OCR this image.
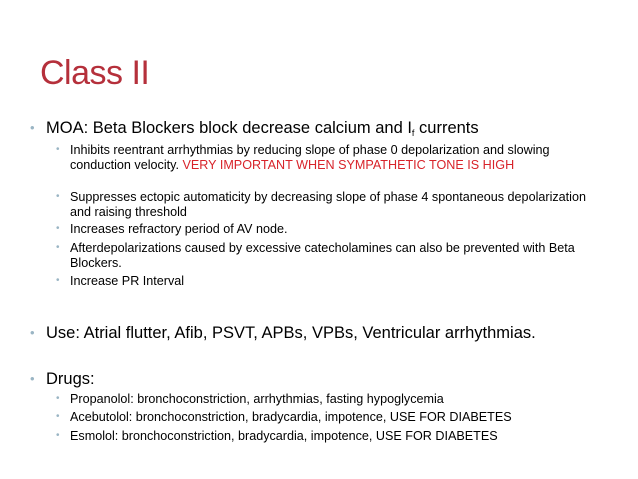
Class II
• MOA: Beta Blockers block decrease calcium and $I_f$ currents
• Inhibits reentrant arrhythmias by reducing slope of phase 0 depolarization and slowing conduction velocity. VERY IMPORTANT WHEN SYMPATHETIC TONE IS HIGH
• Suppresses ectopic automaticity by decreasing slope of phase 4 spontaneous depolarization and raising threshold
• Increases refractory period of AV node.
• Afterdepolarizations caused by excessive catecholamines can also be prevented with Beta Blockers.
• Increase PR Interval
• Use: Atrial flutter, Afib, PSVT, APBs, VPBs, Ventricular arrhythmias.
• Drugs:
• Propanolol: bronchoconstriction, arrhythmias, fasting hypoglycemia
• Acebutolol: bronchoconstriction, bradycardia, impotence, USE FOR DIABETES
• Esmolol: bronchoconstriction, bradycardia, impotence, USE FOR DIABETES
